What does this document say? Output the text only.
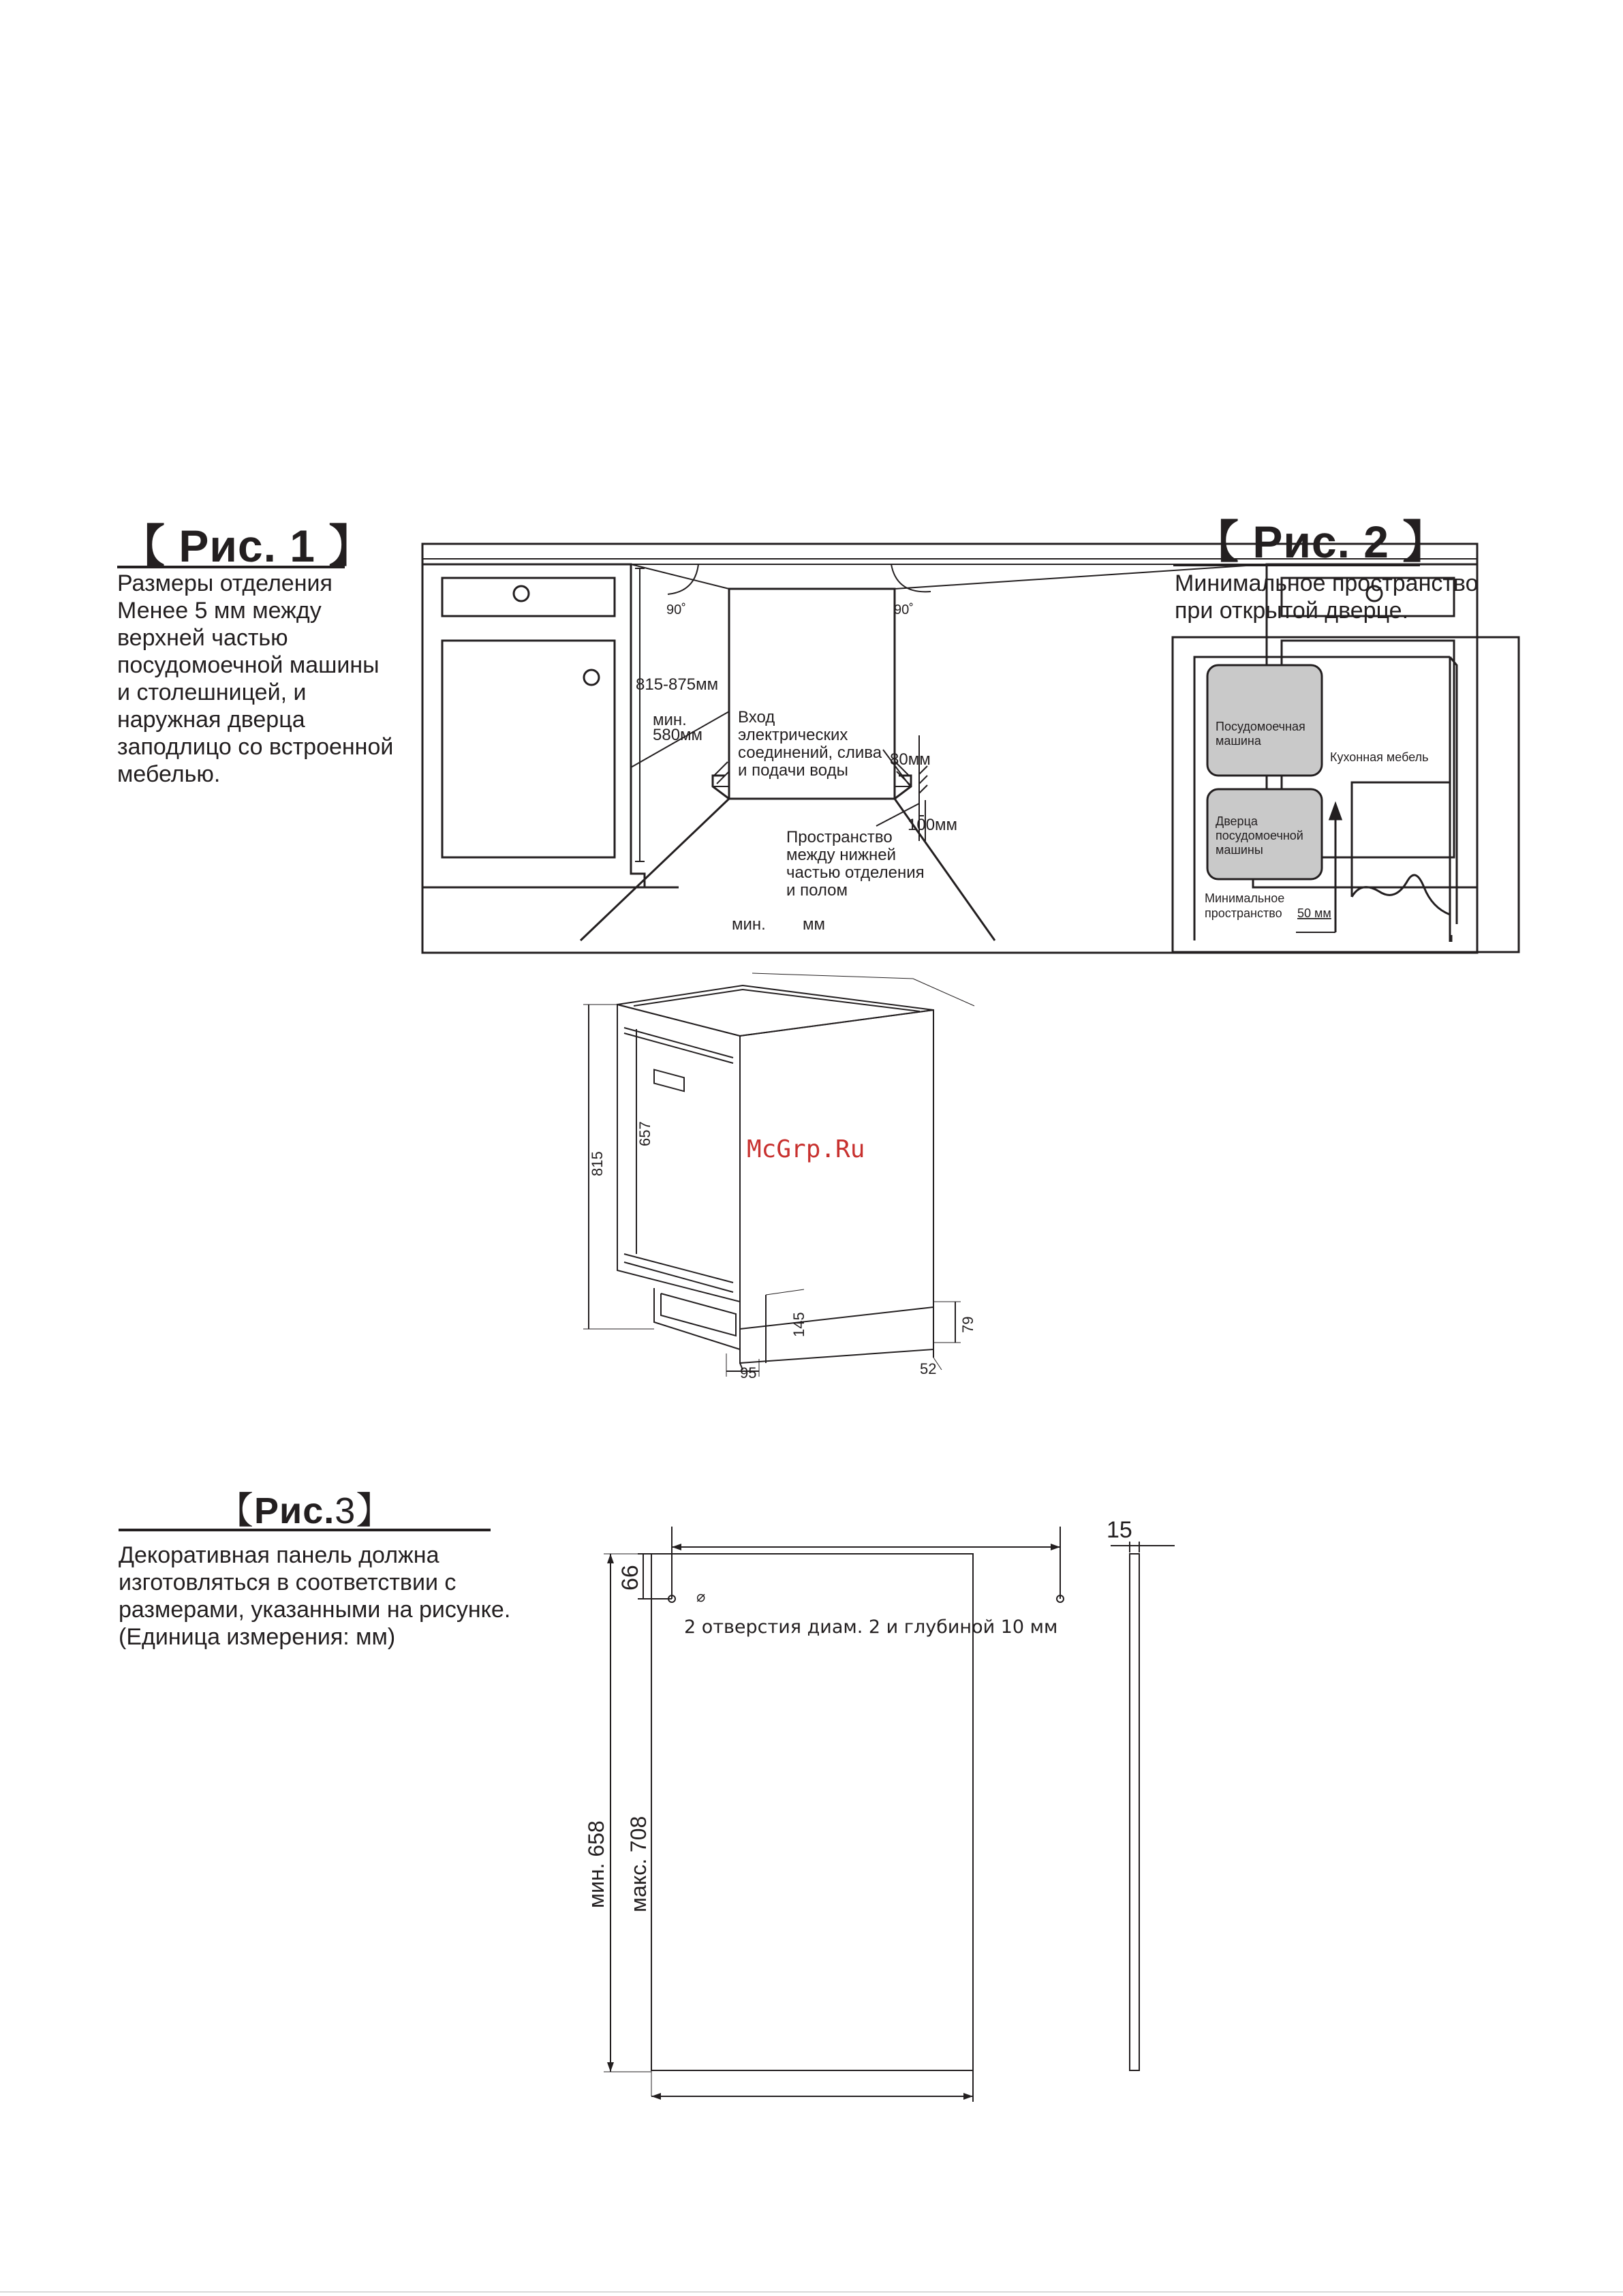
【 Рис. 1 】
Размеры отделения
Менее 5 мм между
верхней частью
посудомоечной машины
и столешницей, и
наружная дверца
заподлицо со встроенной
мебелью.
90˚	90˚
815-875мм
мин.
580мм
Вход
электрических
соединений, слива
и подачи воды
80мм
100мм
Пространство
между нижней
частью отделения
и полом
мин. мм
【 Рис. 2 】
Минимальное пространство
при открытой дверце.
Посудомоечная
машина
Кухонная мебель
Дверца
посудомоечной
машины
Минимальное
пространство 50 мм
815
657
145	79
95	52
McGrp.Ru
【Рис.3】
Декоративная панель должна
изготовляться в соответствии с
размерами, указанными на рисунке.
(Единица измерения: мм)
⌀
15
66
2 отверстия диам. 2 и глубиной 10 мм
мин. 658 макс. 708
